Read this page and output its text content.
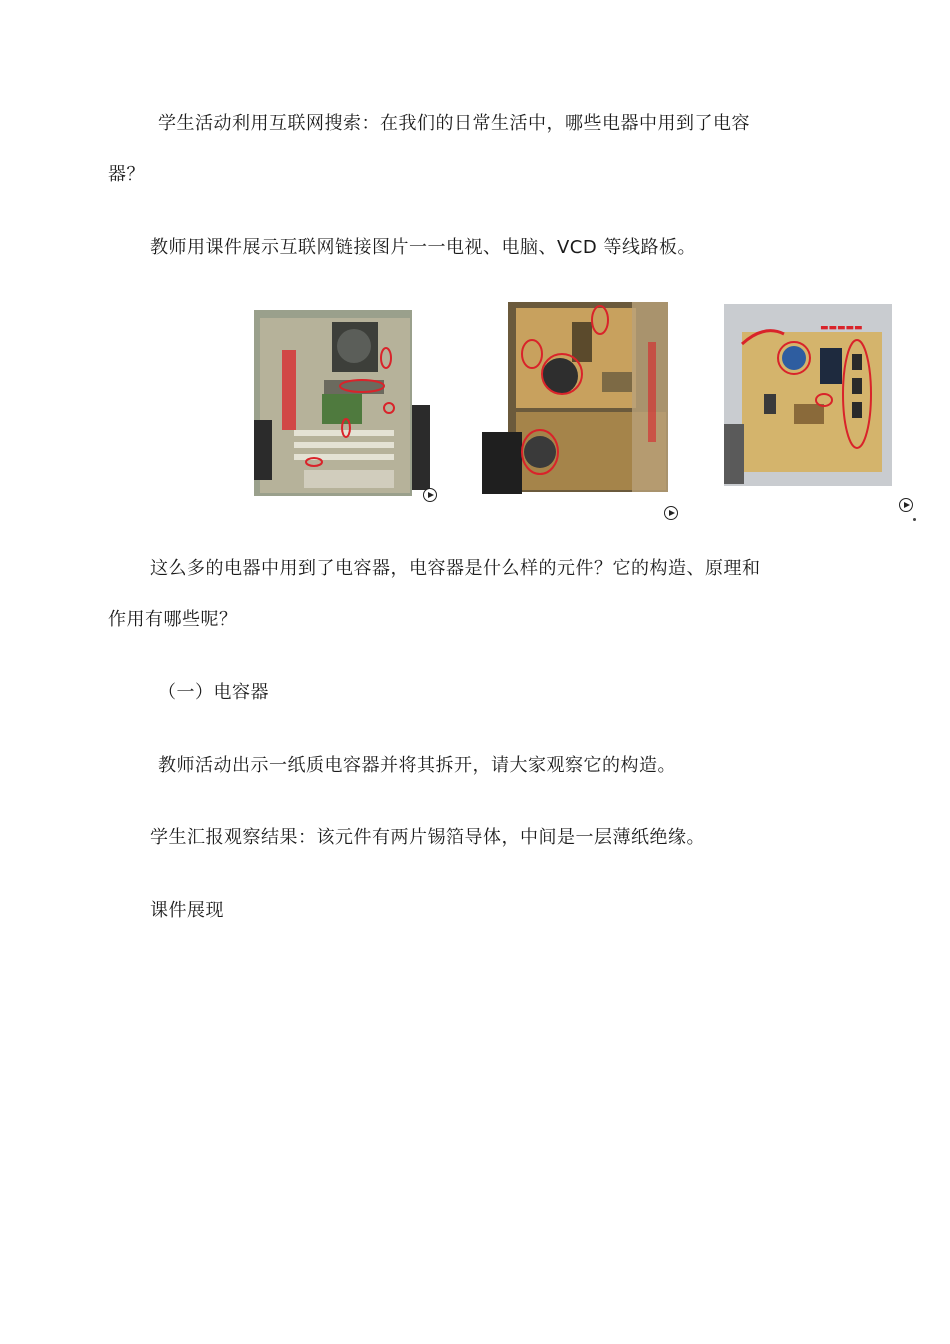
学生活动利用互联网搜索：在我们的日常生活中，哪些电器中用到了电容
器？
教师用课件展示互联网链接图片一一电视、电脑、VCD 等线路板。
▬▬▬▬▬
这么多的电器中用到了电容器，电容器是什么样的元件？它的构造、原理和
作用有哪些呢？
（一）电容器
教师活动出示一纸质电容器并将其拆开，请大家观察它的构造。
学生汇报观察结果：该元件有两片锡箔导体，中间是一层薄纸绝缘。
课件展现
